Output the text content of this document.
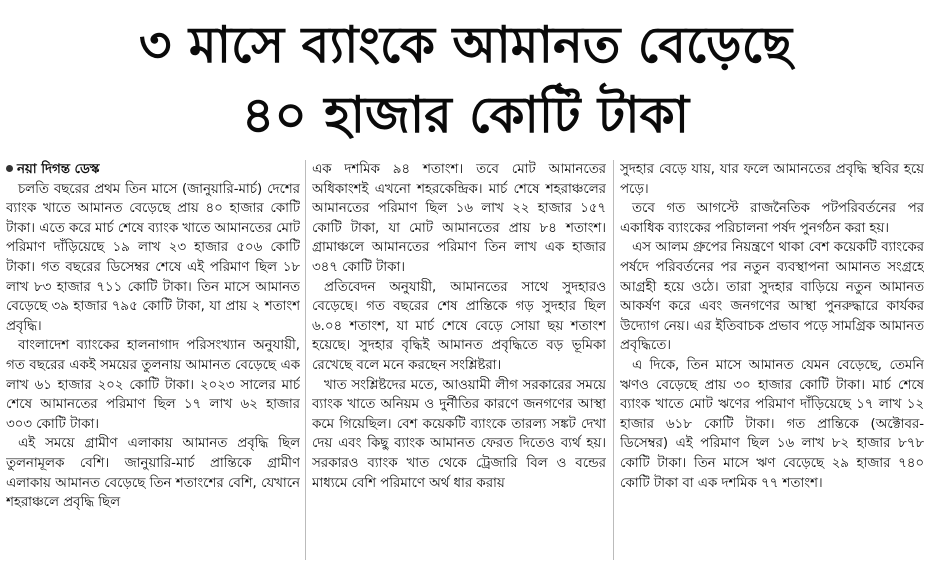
৩ মাসে ব্যাংকে আমানত বেড়েছে
৪০ হাজার কোটি টাকা
নয়া দিগন্ত ডেস্ক

চলতি বছরের প্রথম তিন মাসে (জানুয়ারি-মার্চ) দেশের ব্যাংক খাতে আমানত বেড়েছে প্রায় ৪০ হাজার কোটি টাকা। এতে করে মার্চ শেষে ব্যাংক খাতে আমানতের মোট পরিমাণ দাঁড়িয়েছে ১৯ লাখ ২৩ হাজার ৫০৬ কোটি টাকা। গত বছরের ডিসেম্বর শেষে এই পরিমাণ ছিল ১৮ লাখ ৮৩ হাজার ৭১১ কোটি টাকা। তিন মাসে আমানত বেড়েছে ৩৯ হাজার ৭৯৫ কোটি টাকা, যা প্রায় ২ শতাংশ প্রবৃদ্ধি।

বাংলাদেশ ব্যাংকের হালনাগাদ পরিসংখ্যান অনুযায়ী, গত বছরের একই সময়ের তুলনায় আমানত বেড়েছে এক লাখ ৬১ হাজার ২০২ কোটি টাকা। ২০২৩ সালের মার্চ শেষে আমানতের পরিমাণ ছিল ১৭ লাখ ৬২ হাজার ৩০৩ কোটি টাকা।

এই সময়ে গ্রামীণ এলাকায় আমানত প্রবৃদ্ধি ছিল তুলনামূলক বেশি। জানুয়ারি-মার্চ প্রান্তিকে গ্রামীণ এলাকায় আমানত বেড়েছে তিন শতাংশের বেশি, যেখানে শহরাঞ্চলে প্রবৃদ্ধি ছিল

এক দশমিক ৯৪ শতাংশ। তবে মোট আমানতের অধিকাংশই এখনো শহরকেন্দ্রিক। মার্চ শেষে শহরাঞ্চলের আমানতের পরিমাণ ছিল ১৬ লাখ ২২ হাজার ১৫৭ কোটি টাকা, যা মোট আমানতের প্রায় ৮৪ শতাংশ। গ্রামাঞ্চলে আমানতের পরিমাণ তিন লাখ এক হাজার ৩৪৭ কোটি টাকা।

প্রতিবেদন অনুযায়ী, আমানতের সাথে সুদহারও বেড়েছে। গত বছরের শেষ প্রান্তিকে গড় সুদহার ছিল ৬.০৪ শতাংশ, যা মার্চ শেষে বেড়ে সোয়া ছয় শতাংশ হয়েছে। সুদহার বৃদ্ধিই আমানত প্রবৃদ্ধিতে বড় ভূমিকা রেখেছে বলে মনে করছেন সংশ্লিষ্টরা।

খাত সংশ্লিষ্টদের মতে, আওয়ামী লীগ সরকারের সময়ে ব্যাংক খাতে অনিয়ম ও দুর্নীতির কারণে জনগণের আস্থা কমে গিয়েছিল। বেশ কয়েকটি ব্যাংকে তারল্য সঙ্কট দেখা দেয় এবং কিছু ব্যাংক আমানত ফেরত দিতেও ব্যর্থ হয়। সরকারও ব্যাংক খাত থেকে ট্রেজারি বিল ও বন্ডের মাধ্যমে বেশি পরিমাণে অর্থ ধার করায়

সুদহার বেড়ে যায়, যার ফলে আমানতের প্রবৃদ্ধি স্থবির হয়ে পড়ে।

তবে গত আগস্টে রাজনৈতিক পটপরিবর্তনের পর একাধিক ব্যাংকের পরিচালনা পর্ষদ পুনর্গঠন করা হয়।

এস আলম গ্রুপের নিয়ন্ত্রণে থাকা বেশ কয়েকটি ব্যাংকের পর্ষদে পরিবর্তনের পর নতুন ব্যবস্থাপনা আমানত সংগ্রহে আগ্রহী হয়ে ওঠে। তারা সুদহার বাড়িয়ে নতুন আমানত আকর্ষণ করে এবং জনগণের আস্থা পুনরুদ্ধারে কার্যকর উদ্যোগ নেয়। এর ইতিবাচক প্রভাব পড়ে সামগ্রিক আমানত প্রবৃদ্ধিতে।

এ দিকে, তিন মাসে আমানত যেমন বেড়েছে, তেমনি ঋণও বেড়েছে প্রায় ৩০ হাজার কোটি টাকা। মার্চ শেষে ব্যাংক খাতে মোট ঋণের পরিমাণ দাঁড়িয়েছে ১৭ লাখ ১২ হাজার ৬১৮ কোটি টাকা। গত প্রান্তিকে (অক্টোবর-ডিসেম্বর) এই পরিমাণ ছিল ১৬ লাখ ৮২ হাজার ৮৭৮ কোটি টাকা। তিন মাসে ঋণ বেড়েছে ২৯ হাজার ৭৪০ কোটি টাকা বা এক দশমিক ৭৭ শতাংশ।
